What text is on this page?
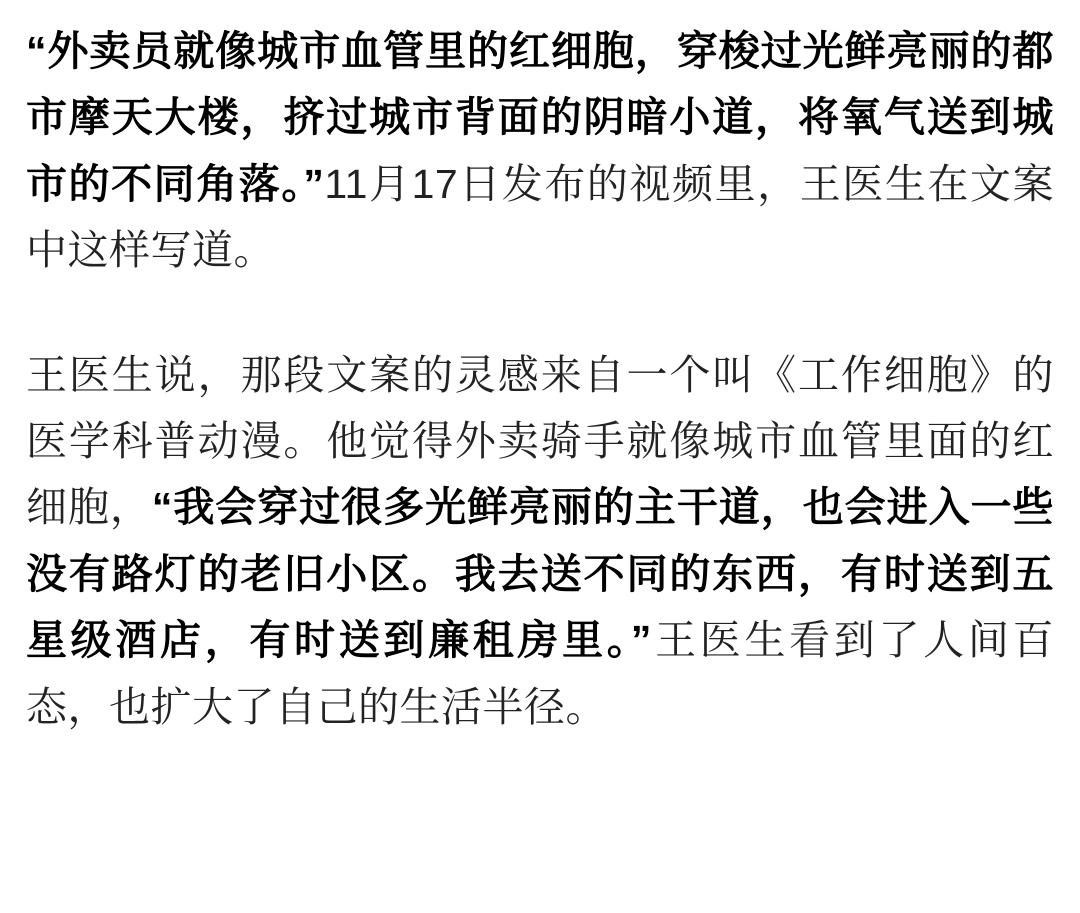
“外卖员就像城市血管里的红细胞，穿梭过光鲜亮丽的都市摩天大楼，挤过城市背面的阴暗小道，将氧气送到城市的不同角落。”11月17日发布的视频里，王医生在文案中这样写道。

王医生说，那段文案的灵感来自一个叫《工作细胞》的医学科普动漫。他觉得外卖骑手就像城市血管里面的红细胞，“我会穿过很多光鲜亮丽的主干道，也会进入一些没有路灯的老旧小区。我去送不同的东西，有时送到五星级酒店，有时送到廉租房里。”王医生看到了人间百态，也扩大了自己的生活半径。
